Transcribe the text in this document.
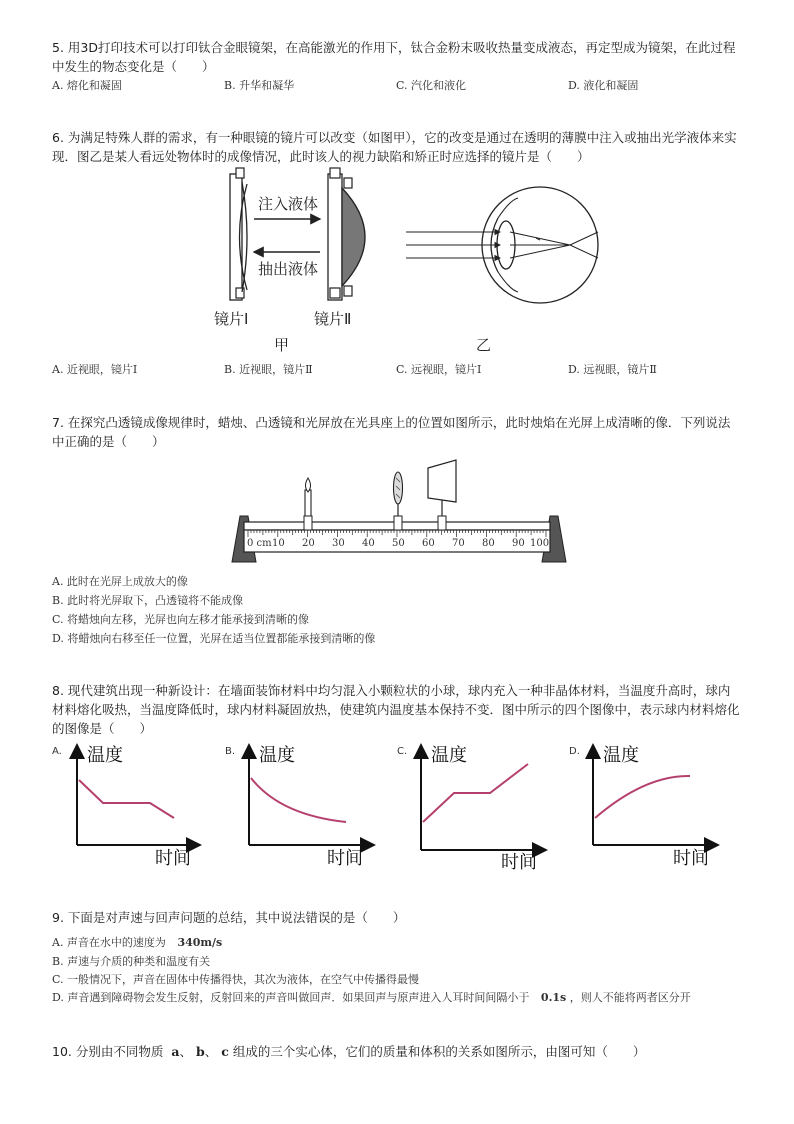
5. 用3D打印技术可以打印钛合金眼镜架，在高能激光的作用下，钛合金粉末吸收热量变成液态，再定型成为镜架，在此过程中发生的物态变化是（　　）

A. 熔化和凝固	B. 升华和凝华	C. 汽化和液化	D. 液化和凝固

6. 为满足特殊人群的需求，有一种眼镜的镜片可以改变（如图甲），它的改变是通过在透明的薄膜中注入或抽出光学液体来实现．图乙是某人看远处物体时的成像情况，此时该人的视力缺陷和矫正时应选择的镜片是（　　）

注入液体
抽出液体
镜片Ⅰ	镜片Ⅱ
甲	乙
A. 近视眼，镜片Ⅰ	B. 近视眼，镜片Ⅱ	C. 远视眼，镜片Ⅰ	D. 远视眼，镜片Ⅱ

7. 在探究凸透镜成像规律时，蜡烛、凸透镜和光屏放在光具座上的位置如图所示，此时烛焰在光屏上成清晰的像．下列说法中正确的是（　　）

0 cm 10 20 30 40 50 60 70 80 90 100
A. 此时在光屏上成放大的像
B. 此时将光屏取下，凸透镜将不能成像
C. 将蜡烛向左移，光屏也向左移才能承接到清晰的像
D. 将蜡烛向右移至任一位置，光屏在适当位置都能承接到清晰的像

8. 现代建筑出现一种新设计：在墙面装饰材料中均匀混入小颗粒状的小球，球内充入一种非晶体材料，当温度升高时，球内材料熔化吸热，当温度降低时，球内材料凝固放热，使建筑内温度基本保持不变．图中所示的四个图像中，表示球内材料熔化的图像是（　　）

A. 温度
时间
B. 温度
时间
C. 温度
时间
D. 温度
时间

9. 下面是对声速与回声问题的总结，其中说法错误的是（　　）

A. 声音在水中的速度为 340m/s
B. 声速与介质的种类和温度有关
C. 一般情况下，声音在固体中传播得快，其次为液体，在空气中传播得最慢
D. 声音遇到障碍物会发生反射，反射回来的声音叫做回声．如果回声与原声进入人耳时间间隔小于 0.1s ，则人不能将两者区分开

10. 分别由不同物质 a、 b、 c 组成的三个实心体，它们的质量和体积的关系如图所示，由图可知（　　）
